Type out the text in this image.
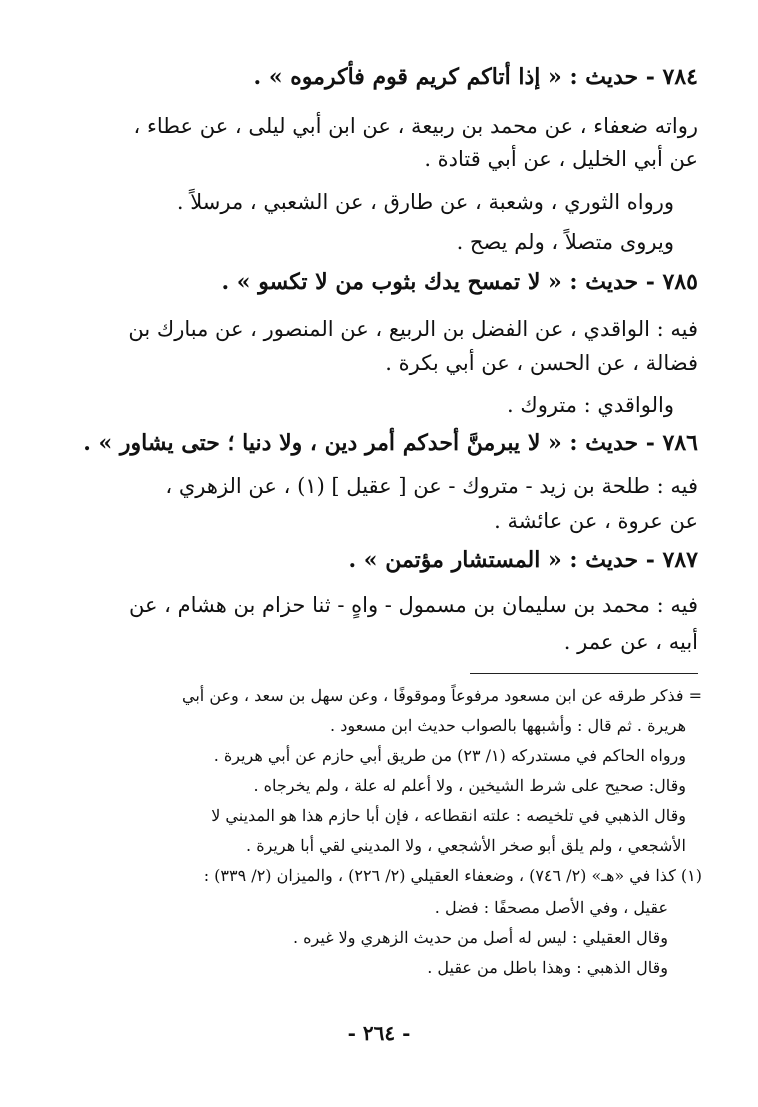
٧٨٤ - حديث : « إذا أتاكم كريم قوم فأكرموه » .
رواته ضعفاء ، عن محمد بن ربيعة ، عن ابن أبي ليلى ، عن عطاء ،
عن أبي الخليل ، عن أبي قتادة .
ورواه الثوري ، وشعبة ، عن طارق ، عن الشعبي ، مرسلاً .
ويروى متصلاً ، ولم يصح .
٧٨٥ - حديث : « لا تمسح يدك بثوب من لا تكسو » .
فيه : الواقدي ، عن الفضل بن الربيع ، عن المنصور ، عن مبارك بن
فضالة ، عن الحسن ، عن أبي بكرة .
والواقدي : متروك .
٧٨٦ - حديث : « لا يبرمنَّ أحدكم أمر دين ، ولا دنيا ؛ حتى يشاور » .
فيه : طلحة بن زيد - متروك - عن [ عقيل ] (١) ، عن الزهري ،
عن عروة ، عن عائشة .
٧٨٧ - حديث : « المستشار مؤتمن » .
فيه : محمد بن سليمان بن مسمول - واهٍ - ثنا حزام بن هشام ، عن
أبيه ، عن عمر .
= فذكر طرقه عن ابن مسعود مرفوعاً وموقوفًا ، وعن سهل بن سعد ، وعن أبي
هريرة . ثم قال : وأشبهها بالصواب حديث ابن مسعود .
ورواه الحاكم في مستدركه (١/ ٢٣) من طريق أبي حازم عن أبي هريرة .
وقال: صحيح على شرط الشيخين ، ولا أعلم له علة ، ولم يخرجاه .
وقال الذهبي في تلخيصه : علته انقطاعه ، فإن أبا حازم هذا هو المديني لا
الأشجعي ، ولم يلق أبو صخر الأشجعي ، ولا المديني لقي أبا هريرة .
(١) كذا في «هـ» (٢/ ٧٤٦) ، وضعفاء العقيلي (٢/ ٢٢٦) ، والميزان (٢/ ٣٣٩) :
عقيل ، وفي الأصل مصحفًا : فضل .
وقال العقيلي : ليس له أصل من حديث الزهري ولا غيره .
وقال الذهبي : وهذا باطل من عقيل .
- ٢٦٤ -
